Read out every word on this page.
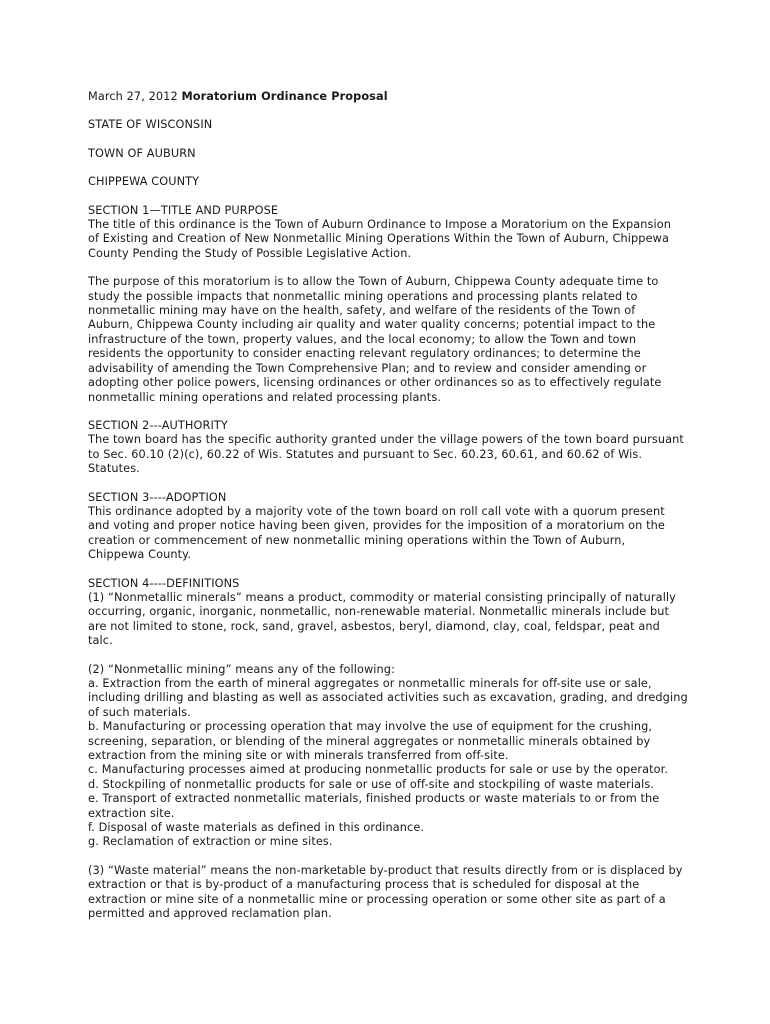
March 27, 2012 Moratorium Ordinance Proposal

STATE OF WISCONSIN

TOWN OF AUBURN

CHIPPEWA COUNTY

SECTION 1—TITLE AND PURPOSE
The title of this ordinance is the Town of Auburn Ordinance to Impose a Moratorium on the Expansion
of Existing and Creation of New Nonmetallic Mining Operations Within the Town of Auburn, Chippewa
County Pending the Study of Possible Legislative Action.
The purpose of this moratorium is to allow the Town of Auburn, Chippewa County adequate time to
study the possible impacts that nonmetallic mining operations and processing plants related to
nonmetallic mining may have on the health, safety, and welfare of the residents of the Town of
Auburn, Chippewa County including air quality and water quality concerns; potential impact to the
infrastructure of the town, property values, and the local economy; to allow the Town and town
residents the opportunity to consider enacting relevant regulatory ordinances; to determine the
advisability of amending the Town Comprehensive Plan; and to review and consider amending or
adopting other police powers, licensing ordinances or other ordinances so as to effectively regulate
nonmetallic mining operations and related processing plants.
SECTION 2---AUTHORITY
The town board has the specific authority granted under the village powers of the town board pursuant
to Sec. 60.10 (2)(c), 60.22 of Wis. Statutes and pursuant to Sec. 60.23, 60.61, and 60.62 of Wis.
Statutes.
SECTION 3----ADOPTION
This ordinance adopted by a majority vote of the town board on roll call vote with a quorum present
and voting and proper notice having been given, provides for the imposition of a moratorium on the
creation or commencement of new nonmetallic mining operations within the Town of Auburn,
Chippewa County.
SECTION 4----DEFINITIONS
(1) “Nonmetallic minerals” means a product, commodity or material consisting principally of naturally
occurring, organic, inorganic, nonmetallic, non-renewable material. Nonmetallic minerals include but
are not limited to stone, rock, sand, gravel, asbestos, beryl, diamond, clay, coal, feldspar, peat and
talc.
(2) “Nonmetallic mining” means any of the following:
a. Extraction from the earth of mineral aggregates or nonmetallic minerals for off-site use or sale,
including drilling and blasting as well as associated activities such as excavation, grading, and dredging
of such materials.
b. Manufacturing or processing operation that may involve the use of equipment for the crushing,
screening, separation, or blending of the mineral aggregates or nonmetallic minerals obtained by
extraction from the mining site or with minerals transferred from off-site.
c. Manufacturing processes aimed at producing nonmetallic products for sale or use by the operator.
d. Stockpiling of nonmetallic products for sale or use of off-site and stockpiling of waste materials.
e. Transport of extracted nonmetallic materials, finished products or waste materials to or from the
extraction site.
f. Disposal of waste materials as defined in this ordinance.
g. Reclamation of extraction or mine sites.
(3) “Waste material” means the non-marketable by-product that results directly from or is displaced by
extraction or that is by-product of a manufacturing process that is scheduled for disposal at the
extraction or mine site of a nonmetallic mine or processing operation or some other site as part of a
permitted and approved reclamation plan.
